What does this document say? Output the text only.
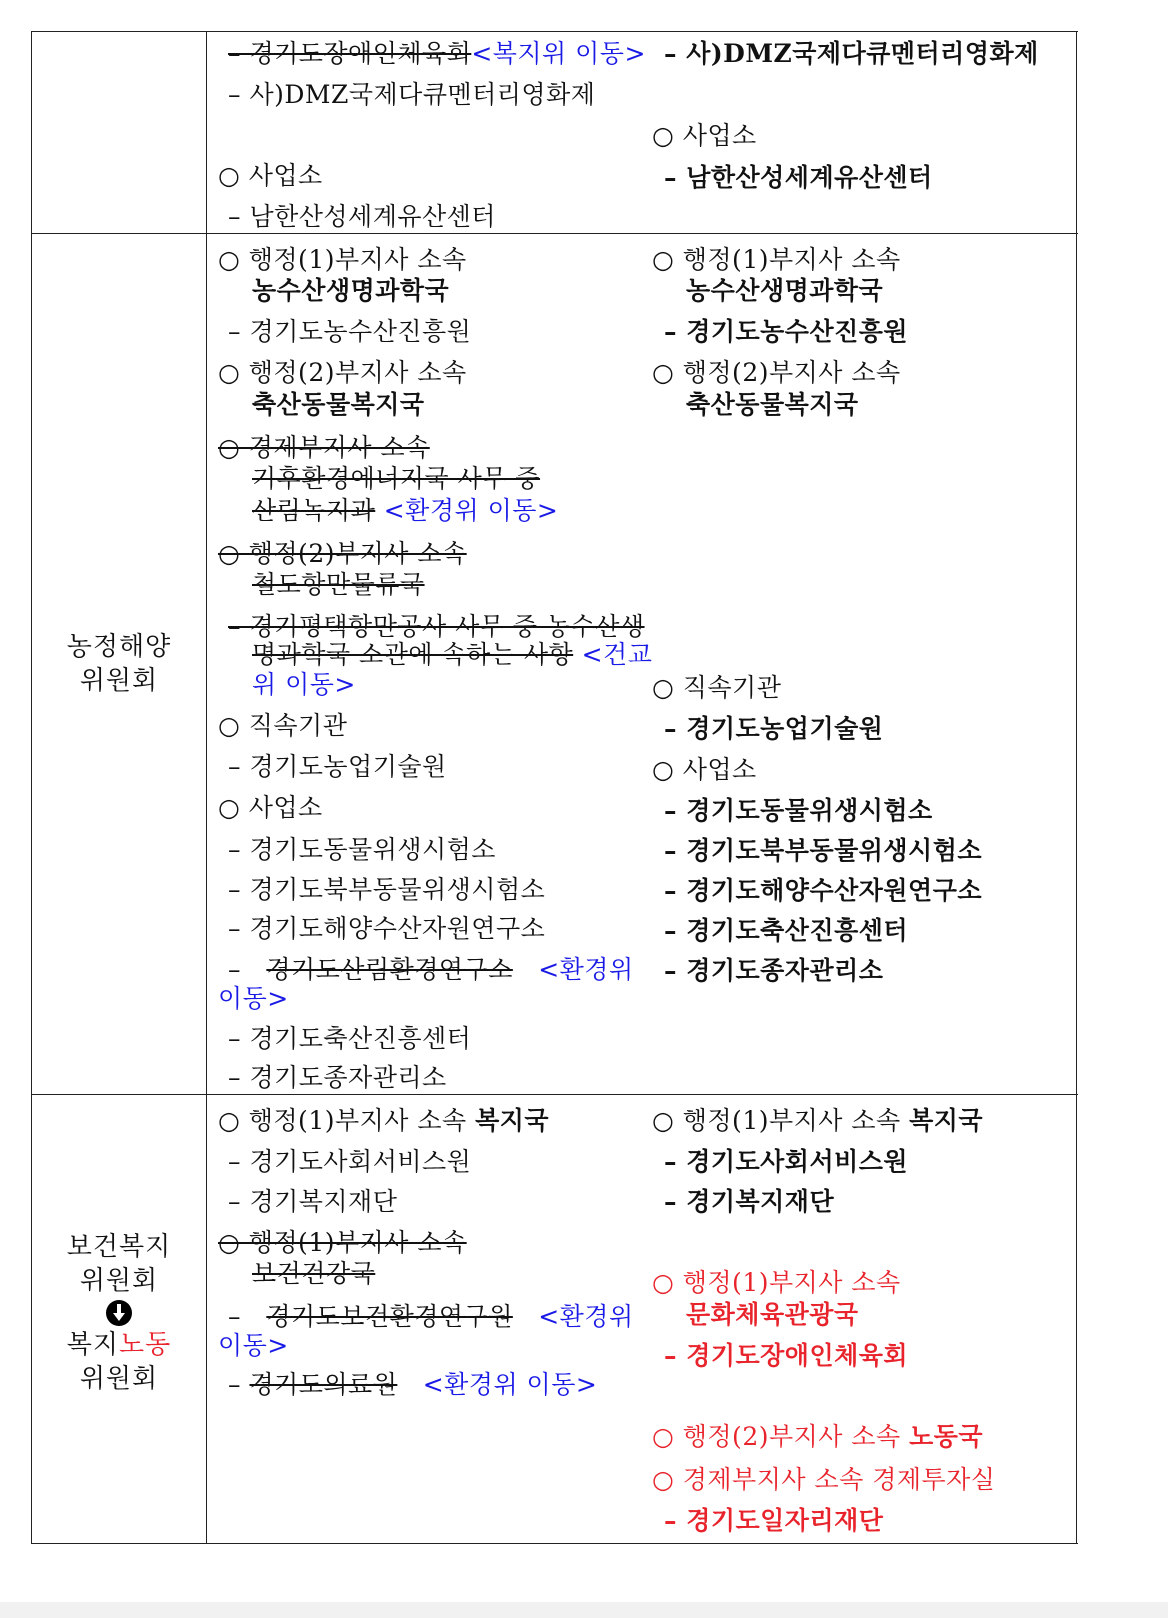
– 경기도장애인체육회<복지위 이동>
– 사)DMZ국제다큐멘터리영화제
○ 사업소
– 남한산성세계유산센터
– 사)DMZ국제다큐멘터리영화제
○ 사업소
– 남한산성세계유산센터
농정해양
위원회
○ 행정(1)부지사 소속
농수산생명과학국
– 경기도농수산진흥원
○ 행정(2)부지사 소속
축산동물복지국
○ 경제부지사 소속
기후환경에너지국 사무 중
산림녹지과 <환경위 이동>
○ 행정(2)부지사 소속
철도항만물류국
– 경기평택항만공사 사무 중 농수산생
명과학국 소관에 속하는 사항 <건교
위 이동>
○ 직속기관
– 경기도농업기술원
○ 사업소
– 경기도동물위생시험소
– 경기도북부동물위생시험소
– 경기도해양수산자원연구소
– 경기도산림환경연구소 <환경위
이동>
– 경기도축산진흥센터
– 경기도종자관리소
○ 행정(1)부지사 소속
농수산생명과학국
– 경기도농수산진흥원
○ 행정(2)부지사 소속
축산동물복지국
○ 직속기관
– 경기도농업기술원
○ 사업소
– 경기도동물위생시험소
– 경기도북부동물위생시험소
– 경기도해양수산자원연구소
– 경기도축산진흥센터
– 경기도종자관리소
보건복지
위원회
복지노동
위원회
○ 행정(1)부지사 소속 복지국
– 경기도사회서비스원
– 경기복지재단
○ 행정(1)부지사 소속
보건건강국
– 경기도보건환경연구원 <환경위
이동>
– 경기도의료원 <환경위 이동>
○ 행정(1)부지사 소속 복지국
– 경기도사회서비스원
– 경기복지재단
○ 행정(1)부지사 소속
문화체육관광국
– 경기도장애인체육회
○ 행정(2)부지사 소속 노동국
○ 경제부지사 소속 경제투자실
– 경기도일자리재단
